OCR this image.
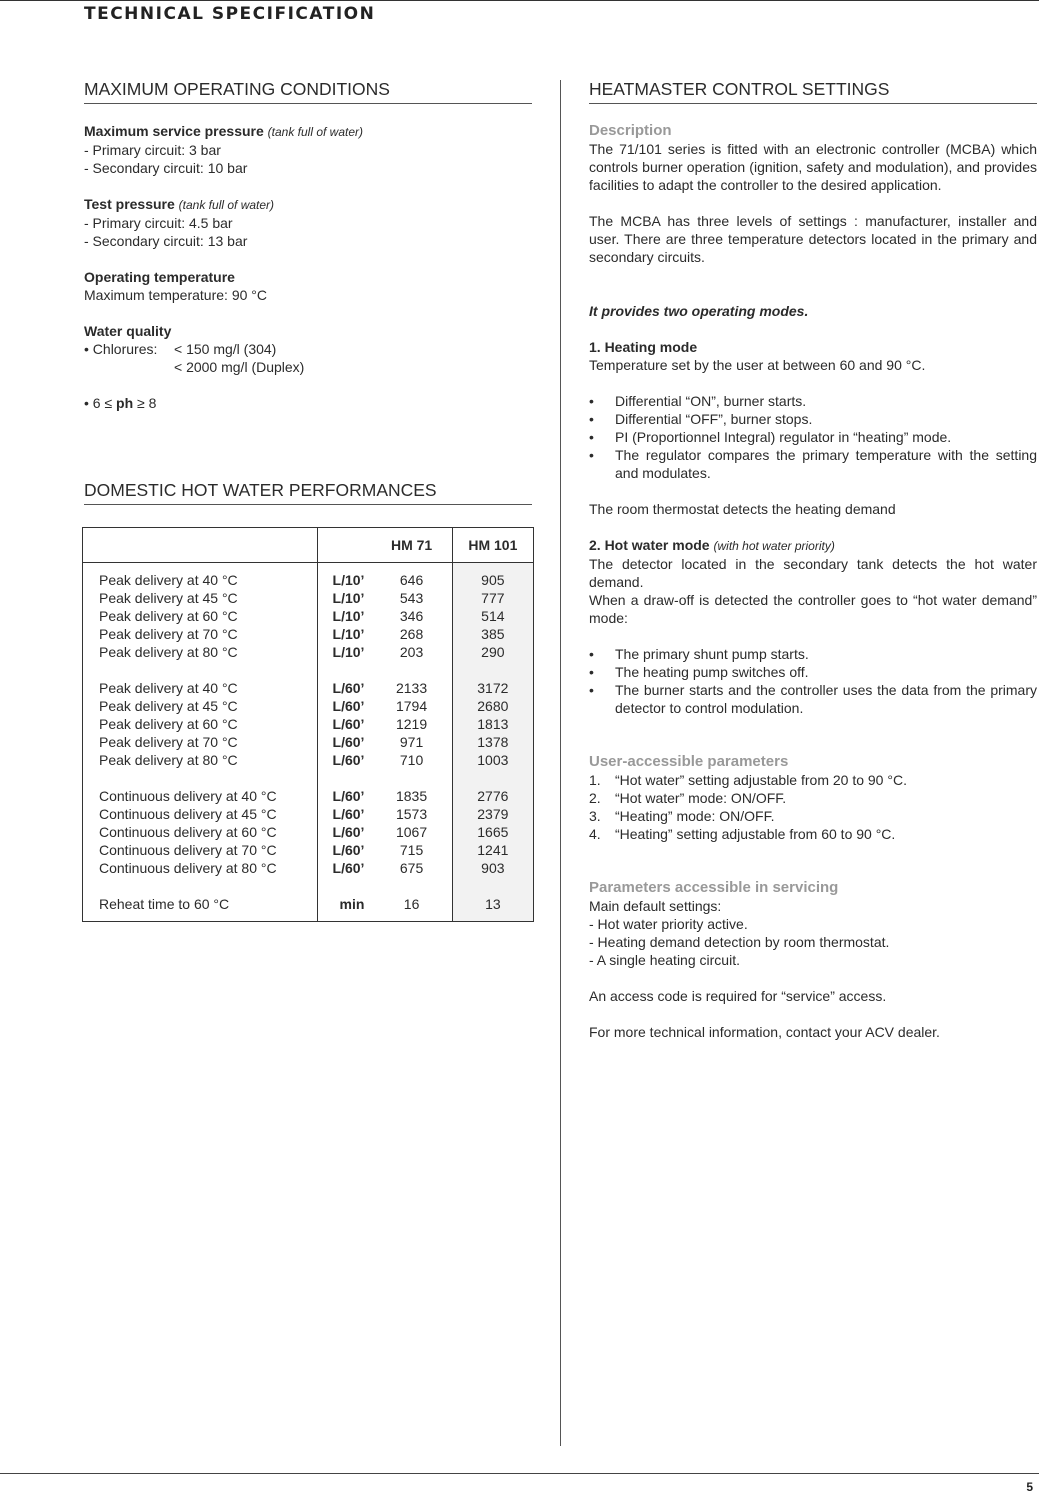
TECHNICAL SPECIFICATION
MAXIMUM OPERATING CONDITIONS

Maximum service pressure (tank full of water)

- Primary circuit: 3 bar

- Secondary circuit: 10 bar

Test pressure (tank full of water)

- Primary circuit: 4.5 bar

- Secondary circuit: 13 bar

Operating temperature

Maximum temperature: 90 °C

Water quality

• Chlorures: < 150 mg/l (304)

< 2000 mg/l (Duplex)

• 6 ≤ ph ≥ 8

DOMESTIC HOT WATER PERFORMANCES
		HM 71	HM 101
Peak delivery at 40 °C	L/10’	646	905
Peak delivery at 45 °C	L/10’	543	777
Peak delivery at 60 °C	L/10’	346	514
Peak delivery at 70 °C	L/10’	268	385
Peak delivery at 80 °C	L/10’	203	290

Peak delivery at 40 °C	L/60’	2133	3172
Peak delivery at 45 °C	L/60’	1794	2680
Peak delivery at 60 °C	L/60’	1219	1813
Peak delivery at 70 °C	L/60’	971	1378
Peak delivery at 80 °C	L/60’	710	1003

Continuous delivery at 40 °C	L/60’	1835	2776
Continuous delivery at 45 °C	L/60’	1573	2379
Continuous delivery at 60 °C	L/60’	1067	1665
Continuous delivery at 70 °C	L/60’	715	1241
Continuous delivery at 80 °C	L/60’	675	903

Reheat time to 60 °C	min	16	13
HEATMASTER CONTROL SETTINGS

Description

The 71/101 series is fitted with an electronic controller (MCBA) which controls burner operation (ignition, safety and modulation), and provides facilities to adapt the controller to the desired application.

The MCBA has three levels of settings : manufacturer, installer and user. There are three temperature detectors located in the primary and secondary circuits.

It provides two operating modes.

1. Heating mode

Temperature set by the user at between 60 and 90 °C.

• Differential “ON”, burner starts.
• Differential “OFF”, burner stops.
• PI (Proportionnel Integral) regulator in “heating” mode.
• The regulator compares the primary temperature with the setting and modulates.

The room thermostat detects the heating demand

2. Hot water mode (with hot water priority)

The detector located in the secondary tank detects the hot water demand.

When a draw-off is detected the controller goes to “hot water demand” mode:

• The primary shunt pump starts.
• The heating pump switches off.
• The burner starts and the controller uses the data from the primary detector to control modulation.

User-accessible parameters

1. “Hot water” setting adjustable from 20 to 90 °C.
2. “Hot water” mode: ON/OFF.
3. “Heating” mode: ON/OFF.
4. “Heating” setting adjustable from 60 to 90 °C.

Parameters accessible in servicing

Main default settings:

- Hot water priority active.

- Heating demand detection by room thermostat.

- A single heating circuit.

An access code is required for “service” access.

For more technical information, contact your ACV dealer.

5
